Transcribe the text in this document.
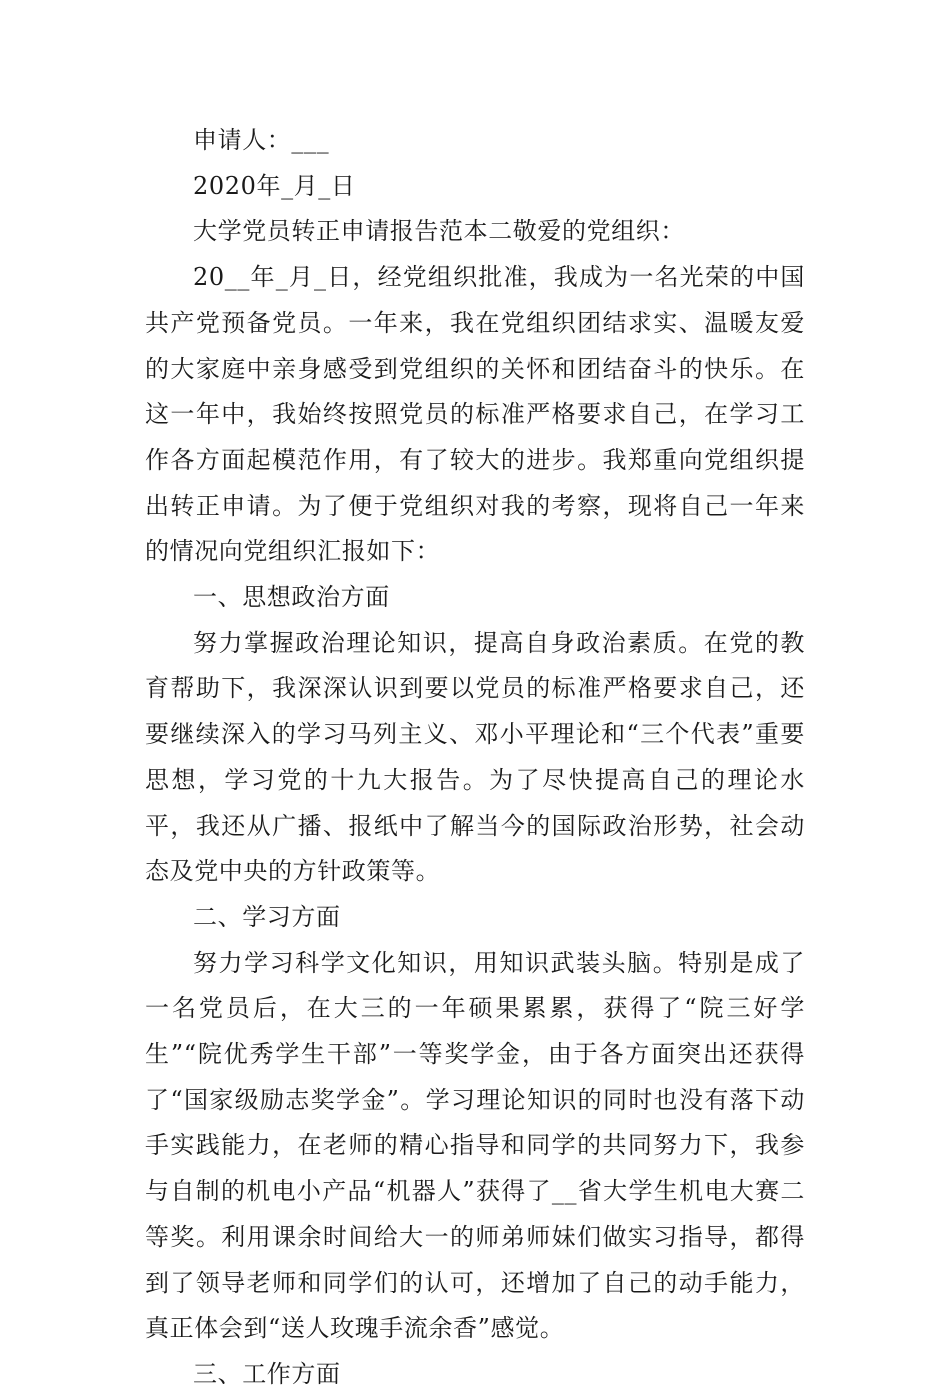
申请人：___

2020年_月_日

大学党员转正申请报告范本二敬爱的党组织：

20__年_月_日，经党组织批准，我成为一名光荣的中国共产党预备党员。一年来，我在党组织团结求实、温暖友爱的大家庭中亲身感受到党组织的关怀和团结奋斗的快乐。在这一年中，我始终按照党员的标准严格要求自己，在学习工作各方面起模范作用，有了较大的进步。我郑重向党组织提出转正申请。为了便于党组织对我的考察，现将自己一年来的情况向党组织汇报如下：

一、思想政治方面

努力掌握政治理论知识，提高自身政治素质。在党的教育帮助下，我深深认识到要以党员的标准严格要求自己，还要继续深入的学习马列主义、邓小平理论和“三个代表”重要思想，学习党的十九大报告。为了尽快提高自己的理论水平，我还从广播、报纸中了解当今的国际政治形势，社会动态及党中央的方针政策等。

二、学习方面

努力学习科学文化知识，用知识武装头脑。特别是成了一名党员后，在大三的一年硕果累累，获得了“院三好学生”“院优秀学生干部”一等奖学金，由于各方面突出还获得了“国家级励志奖学金”。学习理论知识的同时也没有落下动手实践能力，在老师的精心指导和同学的共同努力下，我参与自制的机电小产品“机器人”获得了__省大学生机电大赛二等奖。利用课余时间给大一的师弟师妹们做实习指导，都得到了领导老师和同学们的认可，还增加了自己的动手能力，真正体会到“送人玫瑰手流余香”感觉。

三、工作方面
